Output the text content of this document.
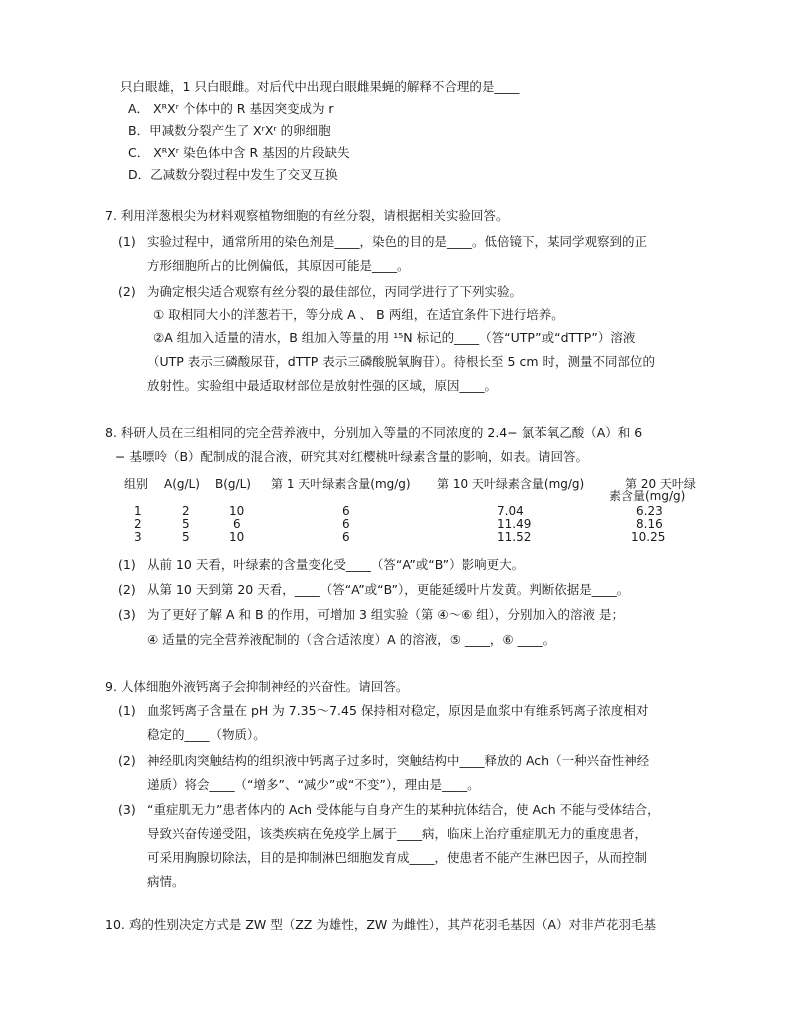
只白眼雄，1 只白眼雌。对后代中出现白眼雌果蝇的解释不合理的是____
A． XᴿXʳ 个体中的 R 基因突变成为 r
B．甲减数分裂产生了 XʳXʳ 的卵细胞
C． XᴿXʳ 染色体中含 R 基因的片段缺失
D．乙减数分裂过程中发生了交叉互换
7. 利用洋葱根尖为材料观察植物细胞的有丝分裂，请根据相关实验回答。
(1) 实验过程中，通常所用的染色剂是____，染色的目的是____。低倍镜下，某同学观察到的正
方形细胞所占的比例偏低，其原因可能是____。
(2) 为确定根尖适合观察有丝分裂的最佳部位，丙同学进行了下列实验。
① 取相同大小的洋葱若干，等分成 A 、 B 两组，在适宜条件下进行培养。
②A 组加入适量的清水，B 组加入等量的用 ¹⁵N 标记的____（答“UTP”或“dTTP”）溶液
（UTP 表示三磷酸尿苷，dTTP 表示三磷酸脱氧胸苷）。待根长至 5 cm 时，测量不同部位的
放射性。实验组中最适取材部位是放射性强的区域，原因____。
8. 科研人员在三组相同的完全营养液中，分别加入等量的不同浓度的 2.4− 氯苯氧乙酸（A）和 6
− 基嘌呤（B）配制成的混合液，研究其对红樱桃叶绿素含量的影响，如表。请回答。
组别 A(g/L) B(g/L) 第 1 天叶绿素含量(mg/g) 第 10 天叶绿素含量(mg/g)	第 20 天叶绿
素含量(mg/g)
1	2	10	6	7.04	6.23
2	5	6	6	11.49	8.16
3	5	10	6	11.52	10.25
(1) 从前 10 天看，叶绿素的含量变化受____（答“A”或“B”）影响更大。
(2) 从第 10 天到第 20 天看，____（答“A”或“B”），更能延缓叶片发黄。判断依据是____。
(3) 为了更好了解 A 和 B 的作用，可增加 3 组实验（第 ④～⑥ 组），分别加入的溶液 是；
④ 适量的完全营养液配制的（含合适浓度）A 的溶液，⑤ ____，⑥ ____。
9. 人体细胞外液钙离子会抑制神经的兴奋性。请回答。
(1) 血浆钙离子含量在 pH 为 7.35～7.45 保持相对稳定，原因是血浆中有维系钙离子浓度相对
稳定的____（物质）。
(2) 神经肌肉突触结构的组织液中钙离子过多时，突触结构中____释放的 Ach（一种兴奋性神经
递质）将会____（“增多”、“减少”或“不变”），理由是____。
(3) “重症肌无力”患者体内的 Ach 受体能与自身产生的某种抗体结合，使 Ach 不能与受体结合，
导致兴奋传递受阻，该类疾病在免疫学上属于____病，临床上治疗重症肌无力的重度患者，
可采用胸腺切除法，目的是抑制淋巴细胞发育成____，使患者不能产生淋巴因子，从而控制
病情。
10. 鸡的性别决定方式是 ZW 型（ZZ 为雄性，ZW 为雌性），其芦花羽毛基因（A）对非芦花羽毛基
